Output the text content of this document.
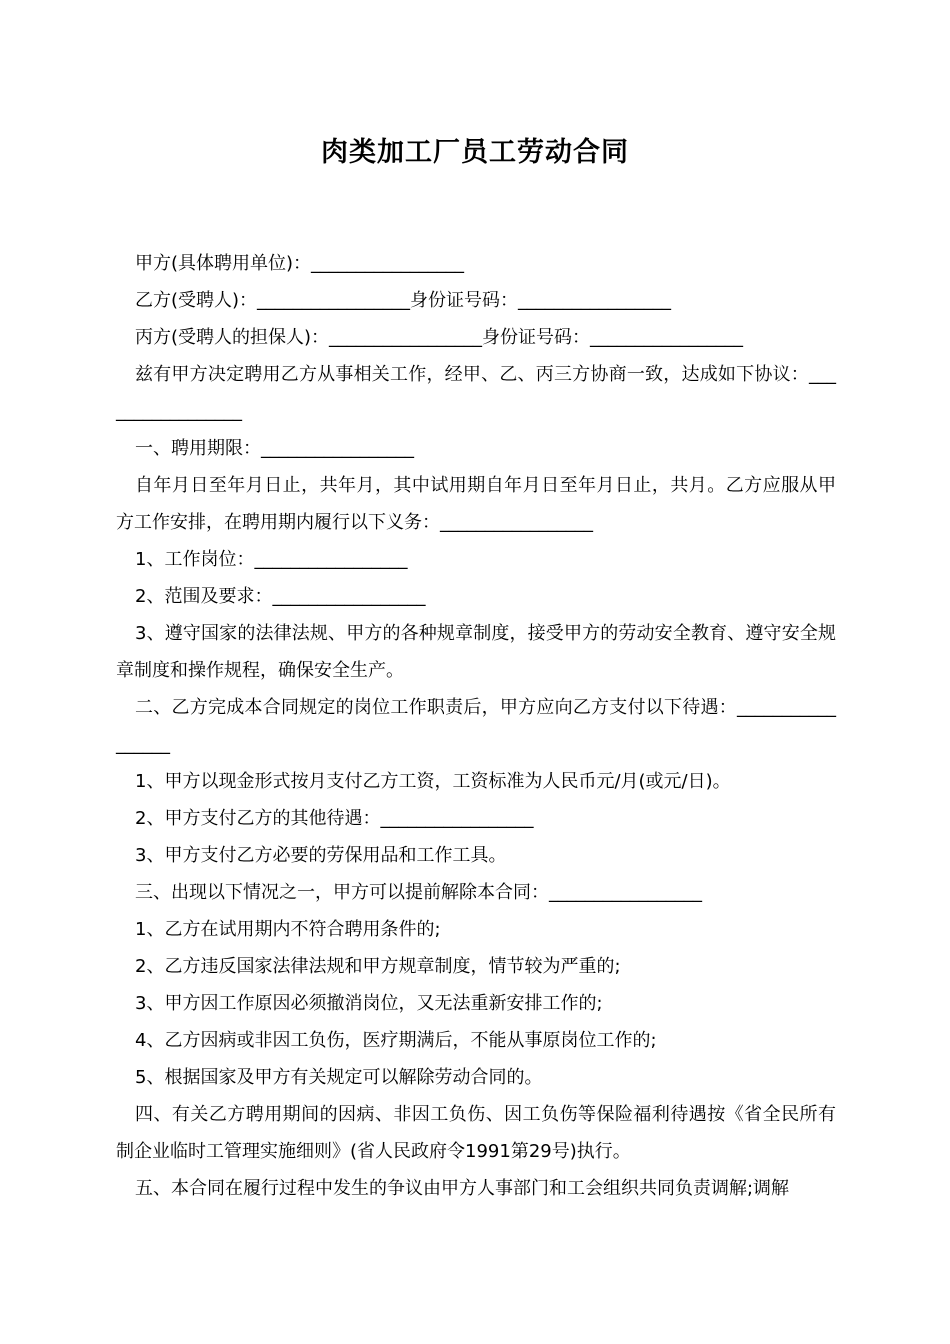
肉类加工厂员工劳动合同

甲方(具体聘用单位)：_________________

乙方(受聘人)：_________________身份证号码：_________________

丙方(受聘人的担保人)：_________________身份证号码：_________________

兹有甲方决定聘用乙方从事相关工作，经甲、乙、丙三方协商一致，达成如下协议：_________________

一、聘用期限：_________________

自年月日至年月日止，共年月，其中试用期自年月日至年月日止，共月。乙方应服从甲方工作安排，在聘用期内履行以下义务：_________________

1、工作岗位：_________________

2、范围及要求：_________________

3、遵守国家的法律法规、甲方的各种规章制度，接受甲方的劳动安全教育、遵守安全规章制度和操作规程，确保安全生产。

二、乙方完成本合同规定的岗位工作职责后，甲方应向乙方支付以下待遇：_________________

1、甲方以现金形式按月支付乙方工资，工资标准为人民币元/月(或元/日)。

2、甲方支付乙方的其他待遇：_________________

3、甲方支付乙方必要的劳保用品和工作工具。

三、出现以下情况之一，甲方可以提前解除本合同：_________________

1、乙方在试用期内不符合聘用条件的;

2、乙方违反国家法律法规和甲方规章制度，情节较为严重的;

3、甲方因工作原因必须撤消岗位，又无法重新安排工作的;

4、乙方因病或非因工负伤，医疗期满后，不能从事原岗位工作的;

5、根据国家及甲方有关规定可以解除劳动合同的。

四、有关乙方聘用期间的因病、非因工负伤、因工负伤等保险福利待遇按《省全民所有制企业临时工管理实施细则》(省人民政府令1991第29号)执行。

五、本合同在履行过程中发生的争议由甲方人事部门和工会组织共同负责调解;调解
